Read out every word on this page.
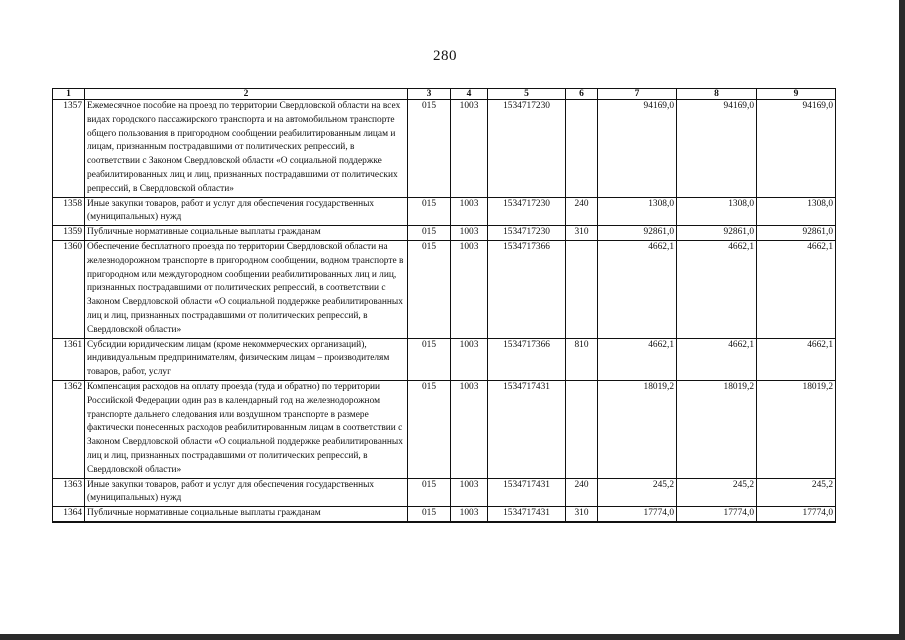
280
1	2	3	4	5	6	7	8	9
1357	Ежемесячное пособие на проезд по территории Свердловской области на всех видах городского пассажирского транспорта и на автомобильном транспорте общего пользования в пригородном сообщении реабилитированным лицам и лицам, признанным пострадавшими от политических репрессий, в соответствии с Законом Свердловской области «О социальной поддержке реабилитированных лиц и лиц, признанных пострадавшими от политических репрессий, в Свердловской области»	015	1003	1534717230		94169,0	94169,0	94169,0
1358	Иные закупки товаров, работ и услуг для обеспечения государственных (муниципальных) нужд	015	1003	1534717230	240	1308,0	1308,0	1308,0
1359	Публичные нормативные социальные выплаты гражданам	015	1003	1534717230	310	92861,0	92861,0	92861,0
1360	Обеспечение бесплатного проезда по территории Свердловской области на железнодорожном транспорте в пригородном сообщении, водном транспорте в пригородном или междугородном сообщении реабилитированных лиц и лиц, признанных пострадавшими от политических репрессий, в соответствии с Законом Свердловской области «О социальной поддержке реабилитированных лиц и лиц, признанных пострадавшими от политических репрессий, в Свердловской области»	015	1003	1534717366		4662,1	4662,1	4662,1
1361	Субсидии юридическим лицам (кроме некоммерческих организаций), индивидуальным предпринимателям, физическим лицам – производителям товаров, работ, услуг	015	1003	1534717366	810	4662,1	4662,1	4662,1
1362	Компенсация расходов на оплату проезда (туда и обратно) по территории Российской Федерации один раз в календарный год на железнодорожном транспорте дальнего следования или воздушном транспорте в размере фактически понесенных расходов реабилитированным лицам в соответствии с Законом Свердловской области «О социальной поддержке реабилитированных лиц и лиц, признанных пострадавшими от политических репрессий, в Свердловской области»	015	1003	1534717431		18019,2	18019,2	18019,2
1363	Иные закупки товаров, работ и услуг для обеспечения государственных (муниципальных) нужд	015	1003	1534717431	240	245,2	245,2	245,2
1364	Публичные нормативные социальные выплаты гражданам	015	1003	1534717431	310	17774,0	17774,0	17774,0
